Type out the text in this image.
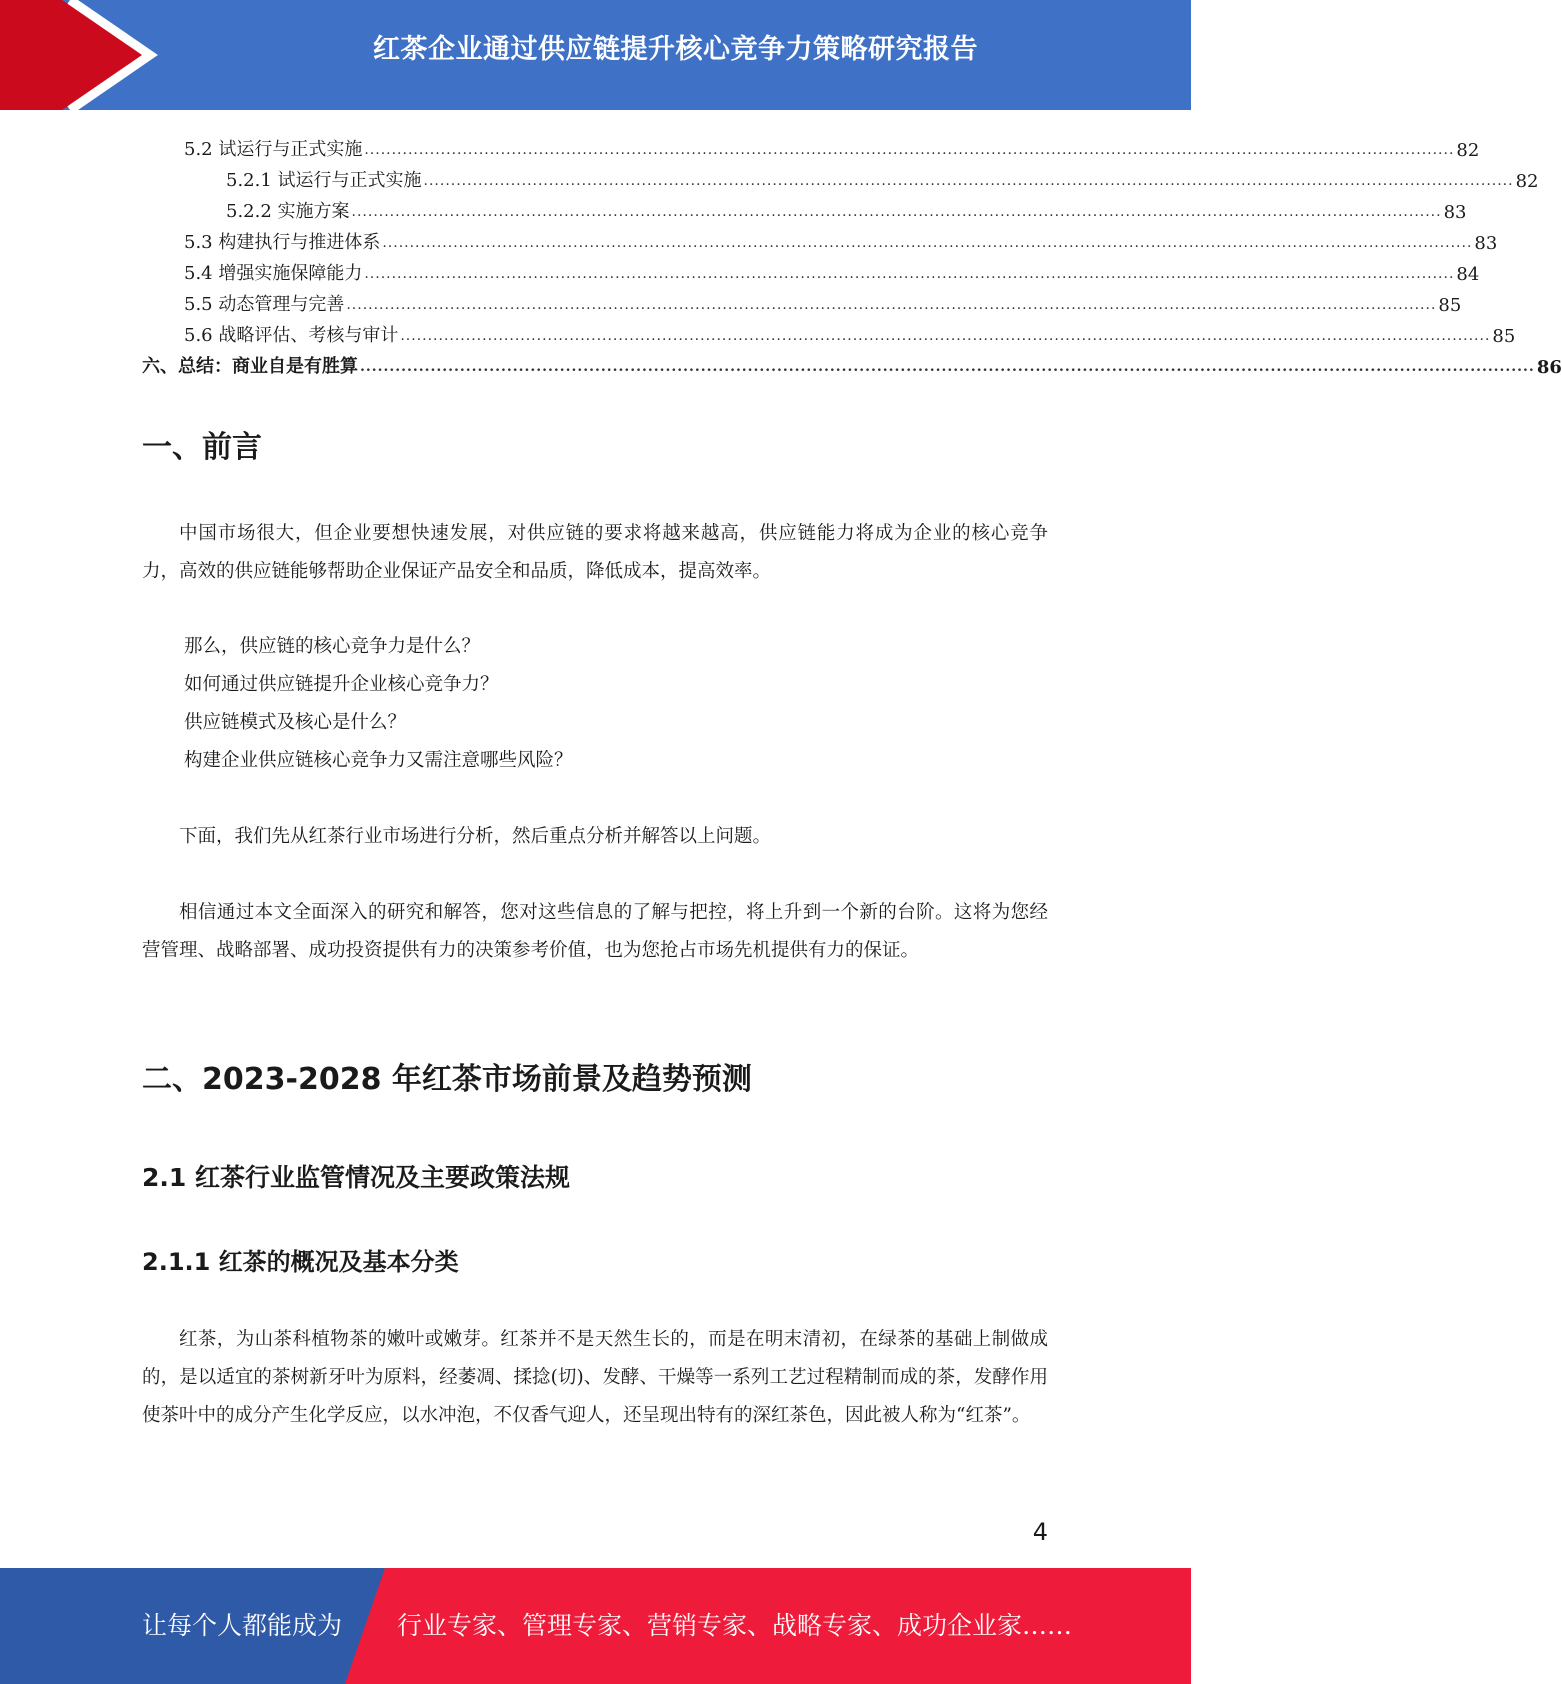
红茶企业通过供应链提升核心竞争力策略研究报告
5.2 试运行与正式实施 ........................................................................................................................................................................................................ 82
5.2.1 试运行与正式实施 ........................................................................................................................................................................................................ 82
5.2.2 实施方案 ........................................................................................................................................................................................................ 83
5.3 构建执行与推进体系 ........................................................................................................................................................................................................ 83
5.4 增强实施保障能力 ........................................................................................................................................................................................................ 84
5.5 动态管理与完善 ........................................................................................................................................................................................................ 85
5.6 战略评估、考核与审计 ........................................................................................................................................................................................................ 85
六、总结：商业自是有胜算 ........................................................................................................................................................................................................ 86
一、前言

中国市场很大，但企业要想快速发展，对供应链的要求将越来越高，供应链能力将成为企业的核心竞争力，高效的供应链能够帮助企业保证产品安全和品质，降低成本，提高效率。

那么，供应链的核心竞争力是什么？
如何通过供应链提升企业核心竞争力？
供应链模式及核心是什么？
构建企业供应链核心竞争力又需注意哪些风险？

下面，我们先从红茶行业市场进行分析，然后重点分析并解答以上问题。

相信通过本文全面深入的研究和解答，您对这些信息的了解与把控，将上升到一个新的台阶。这将为您经营管理、战略部署、成功投资提供有力的决策参考价值，也为您抢占市场先机提供有力的保证。

二、2023-2028 年红茶市场前景及趋势预测
2.1 红茶行业监管情况及主要政策法规
2.1.1 红茶的概况及基本分类

红茶，为山茶科植物茶的嫩叶或嫩芽。红茶并不是天然生长的，而是在明末清初，在绿茶的基础上制做成的，是以适宜的茶树新牙叶为原料，经萎凋、揉捻(切)、发酵、干燥等一系列工艺过程精制而成的茶，发酵作用使茶叶中的成分产生化学反应，以水冲泡，不仅香气迎人，还呈现出特有的深红茶色，因此被人称为“红茶”。

4
让每个人都能成为 行业专家、管理专家、营销专家、战略专家、成功企业家……
